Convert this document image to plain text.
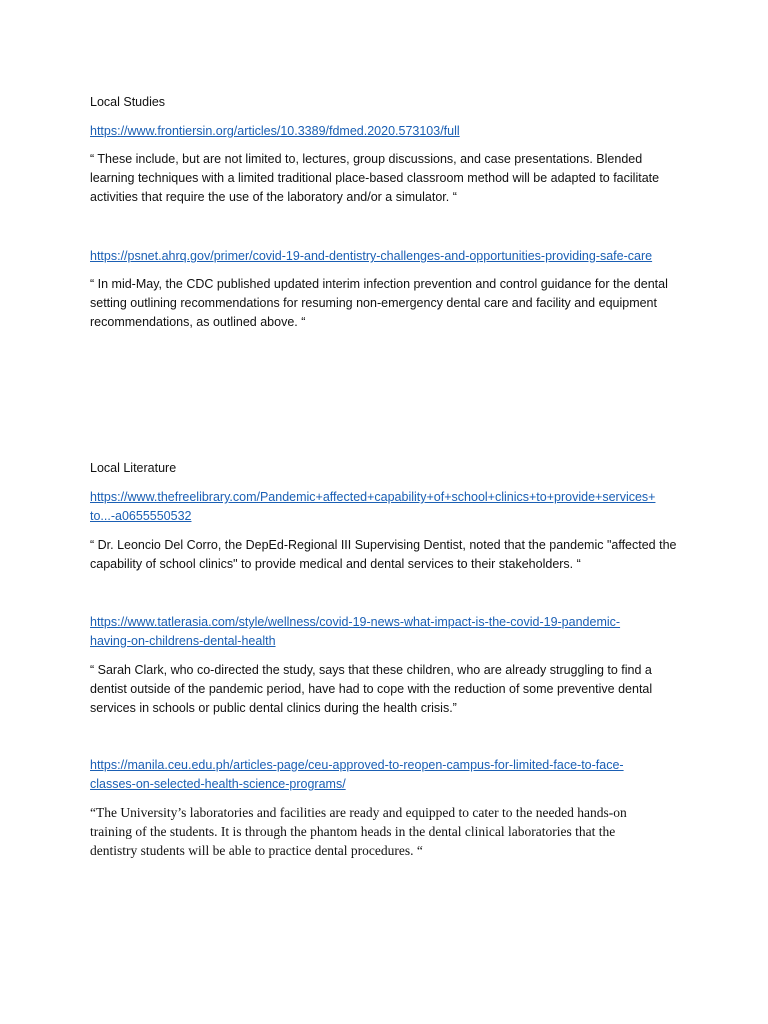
Local Studies
https://www.frontiersin.org/articles/10.3389/fdmed.2020.573103/full
“ These include, but are not limited to, lectures, group discussions, and case presentations. Blended learning techniques with a limited traditional place-based classroom method will be adapted to facilitate activities that require the use of the laboratory and/or a simulator. “
https://psnet.ahrq.gov/primer/covid-19-and-dentistry-challenges-and-opportunities-providing-safe-care
“ In mid-May, the CDC published updated interim infection prevention and control guidance for the dental setting outlining recommendations for resuming non-emergency dental care and facility and equipment recommendations, as outlined above. “
Local Literature
https://www.thefreelibrary.com/Pandemic+affected+capability+of+school+clinics+to+provide+services+
to...-a0655550532
“ Dr. Leoncio Del Corro, the DepEd-Regional III Supervising Dentist, noted that the pandemic "affected the capability of school clinics" to provide medical and dental services to their stakeholders. “
https://www.tatlerasia.com/style/wellness/covid-19-news-what-impact-is-the-covid-19-pandemic-
having-on-childrens-dental-health
“ Sarah Clark, who co-directed the study, says that these children, who are already struggling to find a dentist outside of the pandemic period, have had to cope with the reduction of some preventive dental services in schools or public dental clinics during the health crisis.”
https://manila.ceu.edu.ph/articles-page/ceu-approved-to-reopen-campus-for-limited-face-to-face-
classes-on-selected-health-science-programs/
“The University’s laboratories and facilities are ready and equipped to cater to the needed hands-on training of the students. It is through the phantom heads in the dental clinical laboratories that the dentistry students will be able to practice dental procedures. “
